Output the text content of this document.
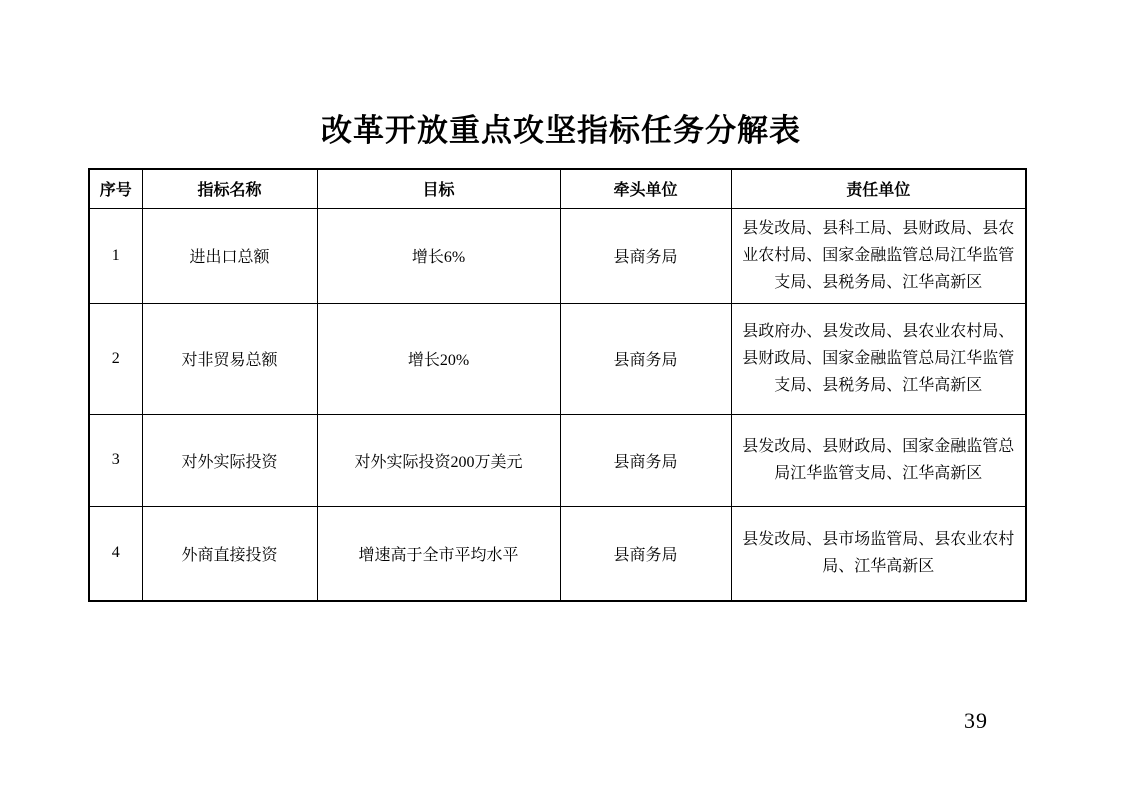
改革开放重点攻坚指标任务分解表
序号	指标名称	目标	牵头单位	责任单位
1	进出口总额	增长6%	县商务局	县发改局、县科工局、县财政局、县农业农村局、国家金融监管总局江华监管支局、县税务局、江华高新区
2	对非贸易总额	增长20%	县商务局	县政府办、县发改局、县农业农村局、县财政局、国家金融监管总局江华监管支局、县税务局、江华高新区
3	对外实际投资	对外实际投资200万美元	县商务局	县发改局、县财政局、国家金融监管总局江华监管支局、江华高新区
4	外商直接投资	增速高于全市平均水平	县商务局	县发改局、县市场监管局、县农业农村局、江华高新区
39
